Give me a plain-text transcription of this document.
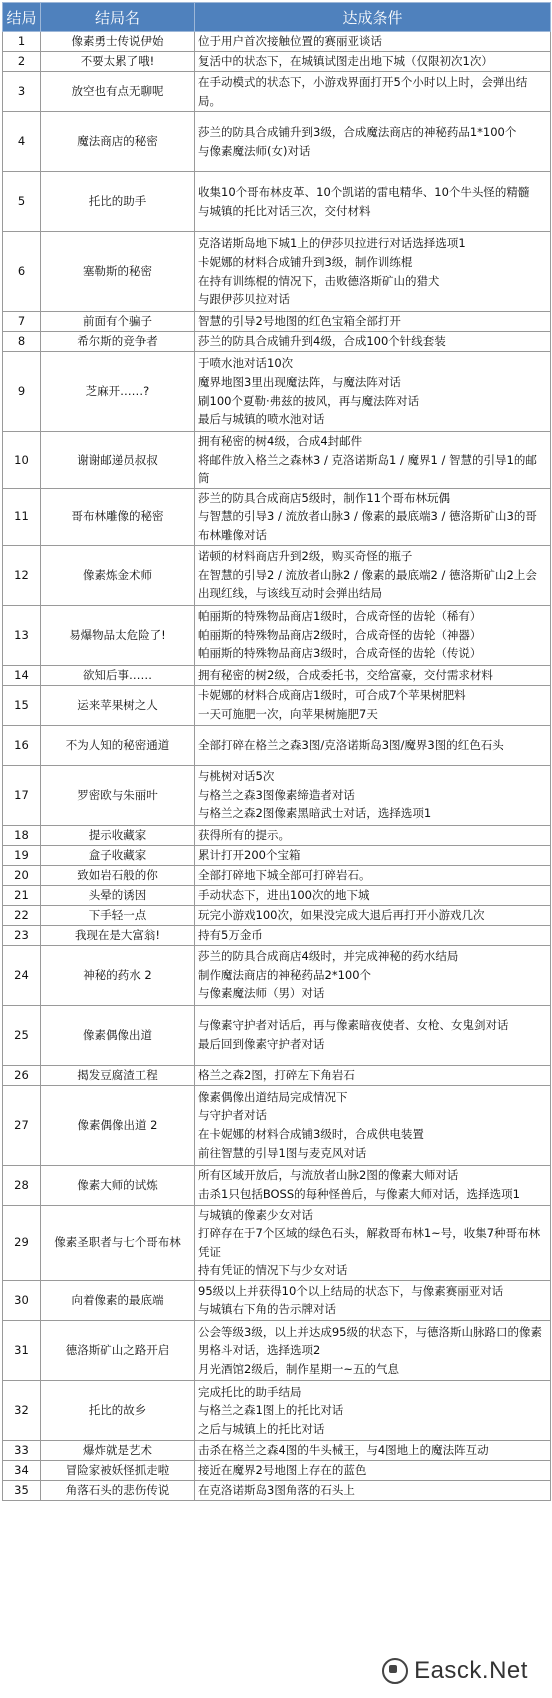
结局	结局名	达成条件
1	像素勇士传说伊始	位于用户首次接触位置的赛丽亚谈话

2	不要太累了哦!	复活中的状态下，在城镇试图走出地下城（仅限初次1次）

3	放空也有点无聊呢	在手动模式的状态下，小游戏界面打开5个小时以上时，会弹出结局。

4	魔法商店的秘密	莎兰的防具合成铺升到3级，合成魔法商店的神秘药品1*100个
与像素魔法师(女)对话

5	托比的助手	收集10个哥布林皮革、10个凯诺的雷电精华、10个牛头怪的精髓
与城镇的托比对话三次，交付材料

6	塞勒斯的秘密	克洛诺斯岛地下城1上的伊莎贝拉进行对话选择选项1
卡妮娜的材料合成铺升到3级，制作训练棍
在持有训练棍的情况下，击败德洛斯矿山的猎犬
与跟伊莎贝拉对话

7	前面有个骗子	智慧的引导2号地图的红色宝箱全部打开

8	希尔斯的竞争者	莎兰的防具合成铺升到4级，合成100个针线套装

9	芝麻开……?	于喷水池对话10次
魔界地图3里出现魔法阵，与魔法阵对话
刷100个夏勒·弗兹的披风，再与魔法阵对话
最后与城镇的喷水池对话

10	谢谢邮递员叔叔	拥有秘密的树4级，合成4封邮件
将邮件放入格兰之森林3 / 克洛诺斯岛1 / 魔界1 / 智慧的引导1的邮筒

11	哥布林雕像的秘密	莎兰的防具合成商店5级时，制作11个哥布林玩偶
与智慧的引导3 / 流放者山脉3 / 像素的最底端3 / 德洛斯矿山3的哥布林雕像对话

12	像素炼金术师	诺顿的材料商店升到2级，购买奇怪的瓶子
在智慧的引导2 / 流放者山脉2 / 像素的最底端2 / 德洛斯矿山2上会出现红线，与该线互动时会弹出结局

13	易爆物品太危险了!	帕丽斯的特殊物品商店1级时，合成奇怪的齿轮（稀有）
帕丽斯的特殊物品商店2级时，合成奇怪的齿轮（神器）
帕丽斯的特殊物品商店3级时，合成奇怪的齿轮（传说）

14	欲知后事……	拥有秘密的树2级，合成委托书，交给富豪，交付需求材料

15	运来苹果树之人	卡妮娜的材料合成商店1级时，可合成7个苹果树肥料
一天可施肥一次，向苹果树施肥7天

16	不为人知的秘密通道	全部打碎在格兰之森3图/克洛诺斯岛3图/魔界3图的红色石头

17	罗密欧与朱丽叶	与桃树对话5次
与格兰之森3图像素缔造者对话
与格兰之森2图像素黑暗武士对话，选择选项1

18	提示收藏家	获得所有的提示。

19	盒子收藏家	累计打开200个宝箱

20	致如岩石般的你	全部打碎地下城全部可打碎岩石。

21	头晕的诱因	手动状态下，进出100次的地下城

22	下手轻一点	玩完小游戏100次，如果没完成大退后再打开小游戏几次

23	我现在是大富翁!	持有5万金币

24	神秘的药水 2	莎兰的防具合成商店4级时，并完成神秘的药水结局
制作魔法商店的神秘药品2*100个
与像素魔法师（男）对话

25	像素偶像出道	与像素守护者对话后，再与像素暗夜使者、女枪、女鬼剑对话
最后回到像素守护者对话

26	揭发豆腐渣工程	格兰之森2图，打碎左下角岩石

27	像素偶像出道 2	像素偶像出道结局完成情况下
与守护者对话
在卡妮娜的材料合成铺3级时，合成供电装置
前往智慧的引导1图与麦克风对话

28	像素大师的试炼	所有区域开放后，与流放者山脉2图的像素大师对话
击杀1只包括BOSS的每种怪兽后，与像素大师对话，选择选项1

29	像素圣职者与七个哥布林	与城镇的像素少女对话
打碎存在于7个区域的绿色石头，解救哥布林1~号，收集7种哥布林凭证
持有凭证的情况下与少女对话

30	向着像素的最底端	95级以上并获得10个以上结局的状态下，与像素赛丽亚对话
与城镇右下角的告示牌对话

31	德洛斯矿山之路开启	公会等级3级，以上并达成95级的状态下，与德洛斯山脉路口的像素男格斗对话，选择选项2
月光酒馆2级后，制作星期一~五的气息

32	托比的故乡	完成托比的助手结局
与格兰之森1图上的托比对话
之后与城镇上的托比对话

33	爆炸就是艺术	击杀在格兰之森4图的牛头械王，与4图地上的魔法阵互动

34	冒险家被妖怪抓走啦	接近在魔界2号地图上存在的蓝色

35	角落石头的悲伤传说	在克洛诺斯岛3图角落的石头上
Easck.Net
